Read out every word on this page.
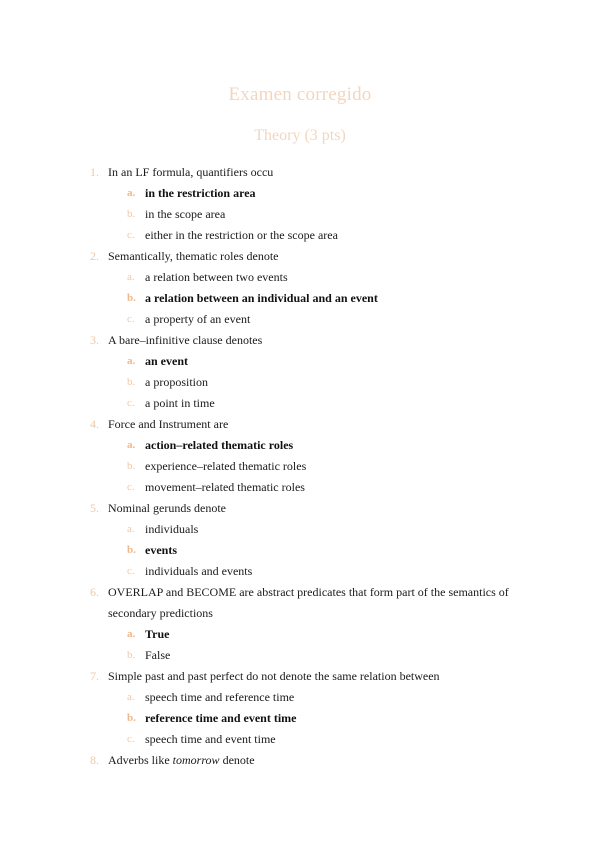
Examen corregido
Theory (3 pts)
1. In an LF formula, quantifiers occu
a. in the restriction area
b. in the scope area
c. either in the restriction or the scope area
2. Semantically, thematic roles denote
a. a relation between two events
b. a relation between an individual and an event
c. a property of an event
3. A bare–infinitive clause denotes
a. an event
b. a proposition
c. a point in time
4. Force and Instrument are
a. action–related thematic roles
b. experience–related thematic roles
c. movement–related thematic roles
5. Nominal gerunds denote
a. individuals
b. events
c. individuals and events
6. OVERLAP and BECOME are abstract predicates that form part of the semantics of secondary predictions
a. True
b. False
7. Simple past and past perfect do not denote the same relation between
a. speech time and reference time
b. reference time and event time
c. speech time and event time
8. Adverbs like tomorrow denote
